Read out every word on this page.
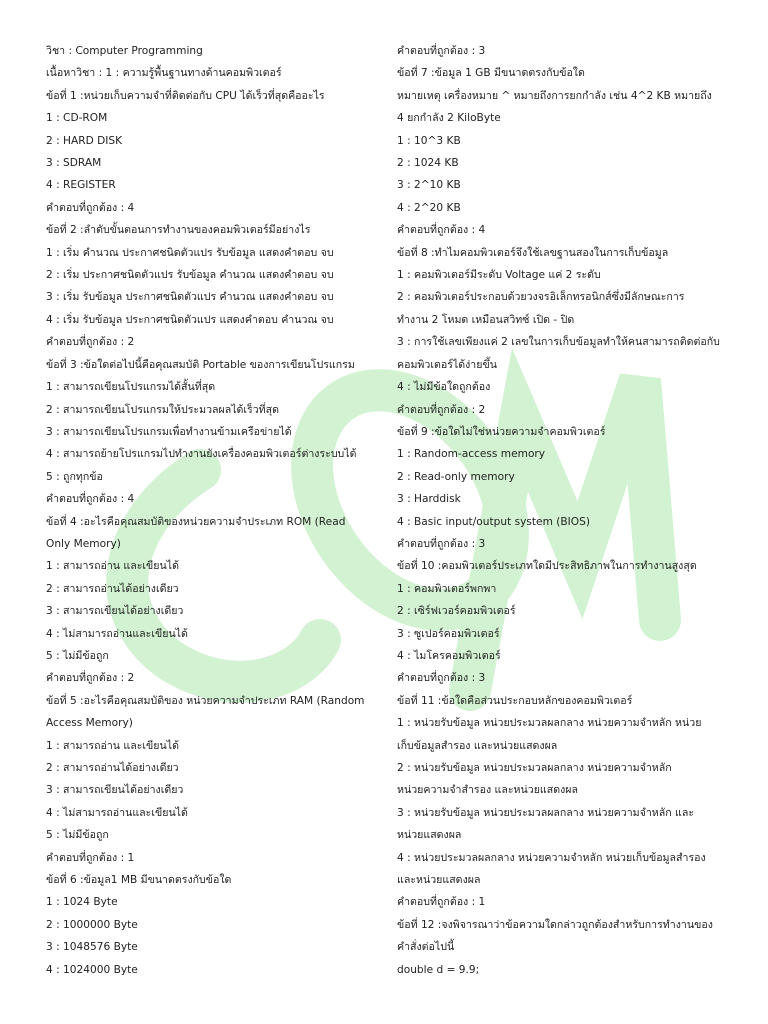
วิชา : Computer Programming
เนื้อหาวิชา : 1 : ความรู้พื้นฐานทางด้านคอมพิวเตอร์
ข้อที่ 1 :หน่วยเก็บความจำที่ติดต่อกับ CPU ได้เร็วที่สุดคืออะไร
1 : CD-ROM
2 : HARD DISK
3 : SDRAM
4 : REGISTER
คำตอบที่ถูกต้อง : 4
ข้อที่ 2 :ลำดับขั้นตอนการทำงานของคอมพิวเตอร์มีอย่างไร
1 : เริ่ม คำนวณ ประกาศชนิดตัวแปร รับข้อมูล แสดงคำตอบ จบ
2 : เริ่ม ประกาศชนิดตัวแปร รับข้อมูล คำนวณ แสดงคำตอบ จบ
3 : เริ่ม รับข้อมูล ประกาศชนิดตัวแปร คำนวณ แสดงคำตอบ จบ
4 : เริ่ม รับข้อมูล ประกาศชนิดตัวแปร แสดงคำตอบ คำนวณ จบ
คำตอบที่ถูกต้อง : 2
ข้อที่ 3 :ข้อใดต่อไปนี้คือคุณสมบัติ Portable ของการเขียนโปรแกรม
1 : สามารถเขียนโปรแกรมได้สั้นที่สุด
2 : สามารถเขียนโปรแกรมให้ประมวลผลได้เร็วที่สุด
3 : สามารถเขียนโปรแกรมเพื่อทำงานข้ามเครือข่ายได้
4 : สามารถย้ายโปรแกรมไปทำงานยังเครื่องคอมพิวเตอร์ต่างระบบได้
5 : ถูกทุกข้อ
คำตอบที่ถูกต้อง : 4
ข้อที่ 4 :อะไรคือคุณสมบัติของหน่วยความจำประเภท ROM (Read
Only Memory)
1 : สามารถอ่าน และเขียนได้
2 : สามารถอ่านได้อย่างเดียว
3 : สามารถเขียนได้อย่างเดียว
4 : ไม่สามารถอ่านและเขียนได้
5 : ไม่มีข้อถูก
คำตอบที่ถูกต้อง : 2
ข้อที่ 5 :อะไรคือคุณสมบัติของ หน่วยความจำประเภท RAM (Random
Access Memory)
1 : สามารถอ่าน และเขียนได้
2 : สามารถอ่านได้อย่างเดียว
3 : สามารถเขียนได้อย่างเดียว
4 : ไม่สามารถอ่านและเขียนได้
5 : ไม่มีข้อถูก
คำตอบที่ถูกต้อง : 1
ข้อที่ 6 :ข้อมูล1 MB มีขนาดตรงกับข้อใด
1 : 1024 Byte
2 : 1000000 Byte
3 : 1048576 Byte
4 : 1024000 Byte
คำตอบที่ถูกต้อง : 3
ข้อที่ 7 :ข้อมูล 1 GB มีขนาดตรงกับข้อใด
หมายเหตุ เครื่องหมาย ^ หมายถึงการยกกำลัง เช่น 4^2 KB หมายถึง
4 ยกกำลัง 2 KiloByte
1 : 10^3 KB
2 : 1024 KB
3 : 2^10 KB
4 : 2^20 KB
คำตอบที่ถูกต้อง : 4
ข้อที่ 8 :ทำไมคอมพิวเตอร์จึงใช้เลขฐานสองในการเก็บข้อมูล
1 : คอมพิวเตอร์มีระดับ Voltage แค่ 2 ระดับ
2 : คอมพิวเตอร์ประกอบด้วยวงจรอิเล็กทรอนิกส์ซึ่งมีลักษณะการ
ทำงาน 2 โหมด เหมือนสวิทซ์ เปิด - ปิด
3 : การใช้เลขเพียงแค่ 2 เลขในการเก็บข้อมูลทำให้คนสามารถติดต่อกับ
คอมพิวเตอร์ได้ง่ายขึ้น
4 : ไม่มีข้อใดถูกต้อง
คำตอบที่ถูกต้อง : 2
ข้อที่ 9 :ข้อใดไม่ใช่หน่วยความจำคอมพิวเตอร์
1 : Random-access memory
2 : Read-only memory
3 : Harddisk
4 : Basic input/output system (BIOS)
คำตอบที่ถูกต้อง : 3
ข้อที่ 10 :คอมพิวเตอร์ประเภทใดมีประสิทธิภาพในการทำงานสูงสุด
1 : คอมพิวเตอร์พกพา
2 : เซิร์ฟเวอร์คอมพิวเตอร์
3 : ซูเปอร์คอมพิวเตอร์
4 : ไมโครคอมพิวเตอร์
คำตอบที่ถูกต้อง : 3
ข้อที่ 11 :ข้อใดคือส่วนประกอบหลักของคอมพิวเตอร์
1 : หน่วยรับข้อมูล หน่วยประมวลผลกลาง หน่วยความจำหลัก หน่วย
เก็บข้อมูลสำรอง และหน่วยแสดงผล
2 : หน่วยรับข้อมูล หน่วยประมวลผลกลาง หน่วยความจำหลัก
หน่วยความจำสำรอง และหน่วยแสดงผล
3 : หน่วยรับข้อมูล หน่วยประมวลผลกลาง หน่วยความจำหลัก และ
หน่วยแสดงผล
4 : หน่วยประมวลผลกลาง หน่วยความจำหลัก หน่วยเก็บข้อมูลสำรอง
และหน่วยแสดงผล
คำตอบที่ถูกต้อง : 1
ข้อที่ 12 :จงพิจารณาว่าข้อความใดกล่าวถูกต้องสำหรับการทำงานของ
คำสั่งต่อไปนี้
double d = 9.9;
